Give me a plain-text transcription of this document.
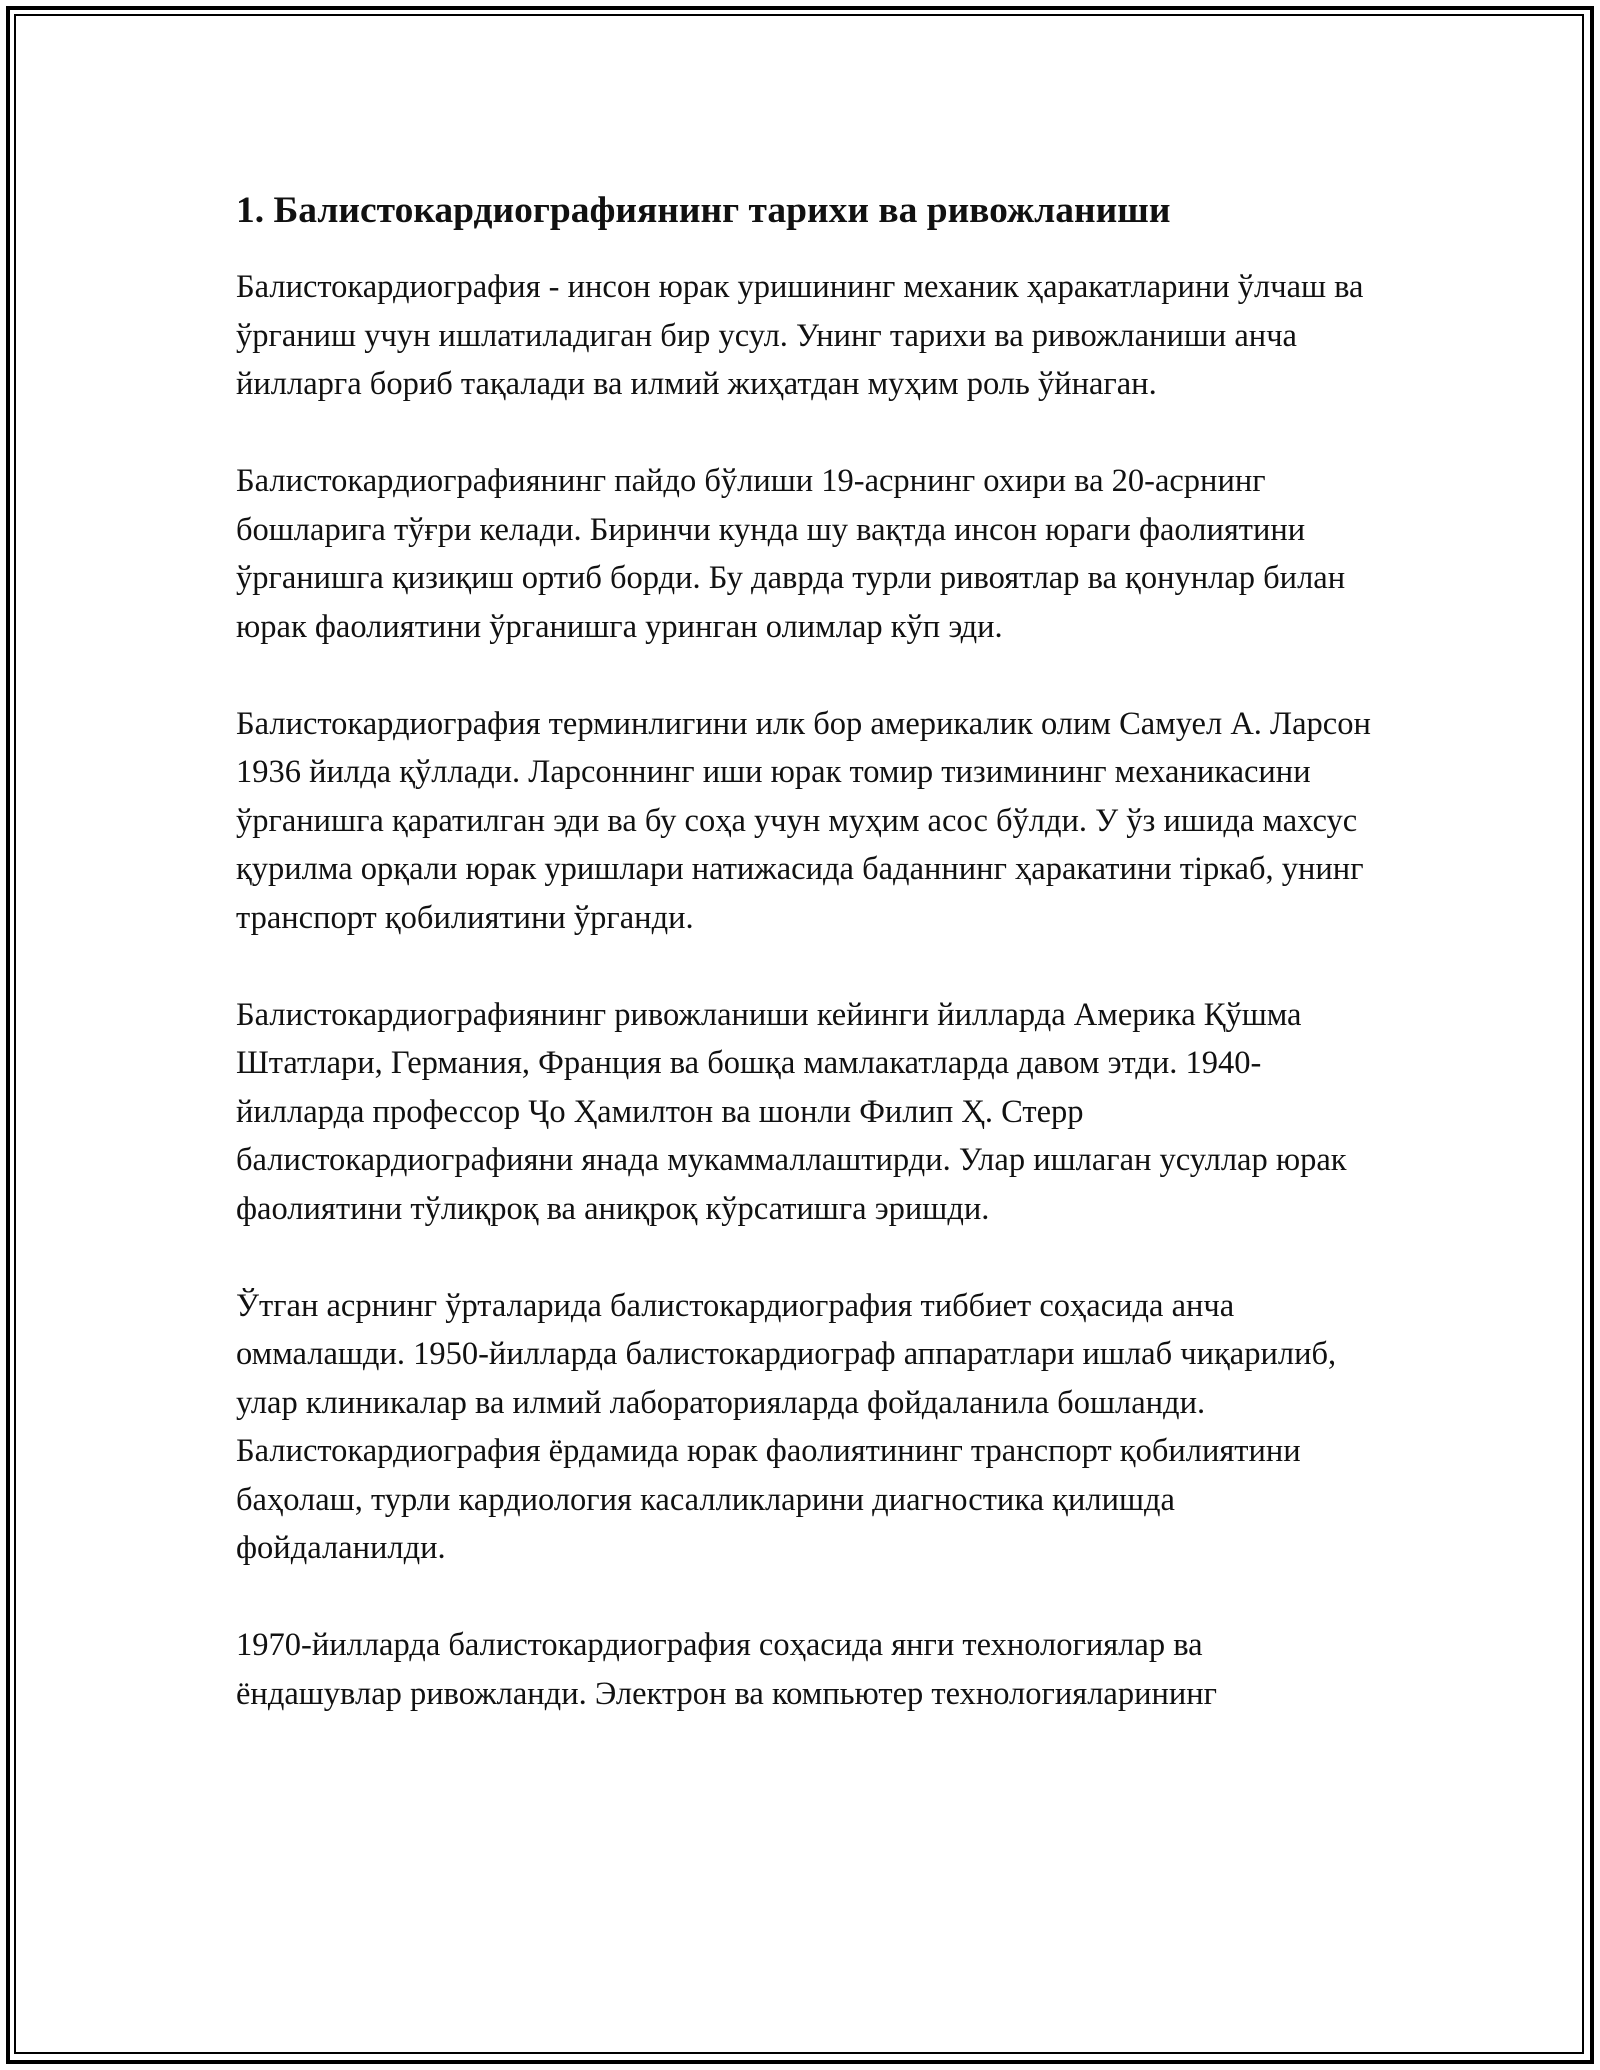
1. Балистокардиографиянинг тарихи ва ривожланиши

Балистокардиография - инсон юрак уришининг механик ҳаракатларини ўлчаш ва ўрганиш учун ишлатиладиган бир усул. Унинг тарихи ва ривожланиши анча йилларга бориб тақалади ва илмий жиҳатдан муҳим роль ўйнаган.

Балистокардиографиянинг пайдо бўлиши 19-асрнинг охири ва 20-асрнинг бошларига тўғри келади. Биринчи кунда шу вақтда инсон юраги фаолиятини ўрганишга қизиқиш ортиб борди. Бу даврда турли ривоятлар ва қонунлар билан юрак фаолиятини ўрганишга уринган олимлар кўп эди.

Балистокардиография терминлигини илк бор америкалик олим Самуел А. Ларсон 1936 йилда қўллади. Ларсоннинг иши юрак томир тизимининг механикасини ўрганишга қаратилган эди ва бу соҳа учун муҳим асос бўлди. У ўз ишида махсус қурилма орқали юрак уришлари натижасида баданнинг ҳаракатини тіркаб, унинг транспорт қобилиятини ўрганди.

Балистокардиографиянинг ривожланиши кейинги йилларда Америка Қўшма Штатлари, Германия, Франция ва бошқа мамлакатларда давом этди. 1940-йилларда профессор Ҷо Ҳамилтон ва шонли Филип Ҳ. Стерр балистокардиографияни янада мукаммаллаштирди. Улар ишлаган усуллар юрак фаолиятини тўлиқроқ ва аниқроқ кўрсатишга эришди.

Ўтган асрнинг ўрталарида балистокардиография тиббиет соҳасида анча оммалашди. 1950-йилларда балистокардиограф аппаратлари ишлаб чиқарилиб, улар клиникалар ва илмий лабораторияларда фойдаланила бошланди. Балистокардиография ёрдамида юрак фаолиятининг транспорт қобилиятини баҳолаш, турли кардиология касалликларини диагностика қилишда фойдаланилди.

1970-йилларда балистокардиография соҳасида янги технологиялар ва ёндашувлар ривожланди. Электрон ва компьютер технологияларининг
